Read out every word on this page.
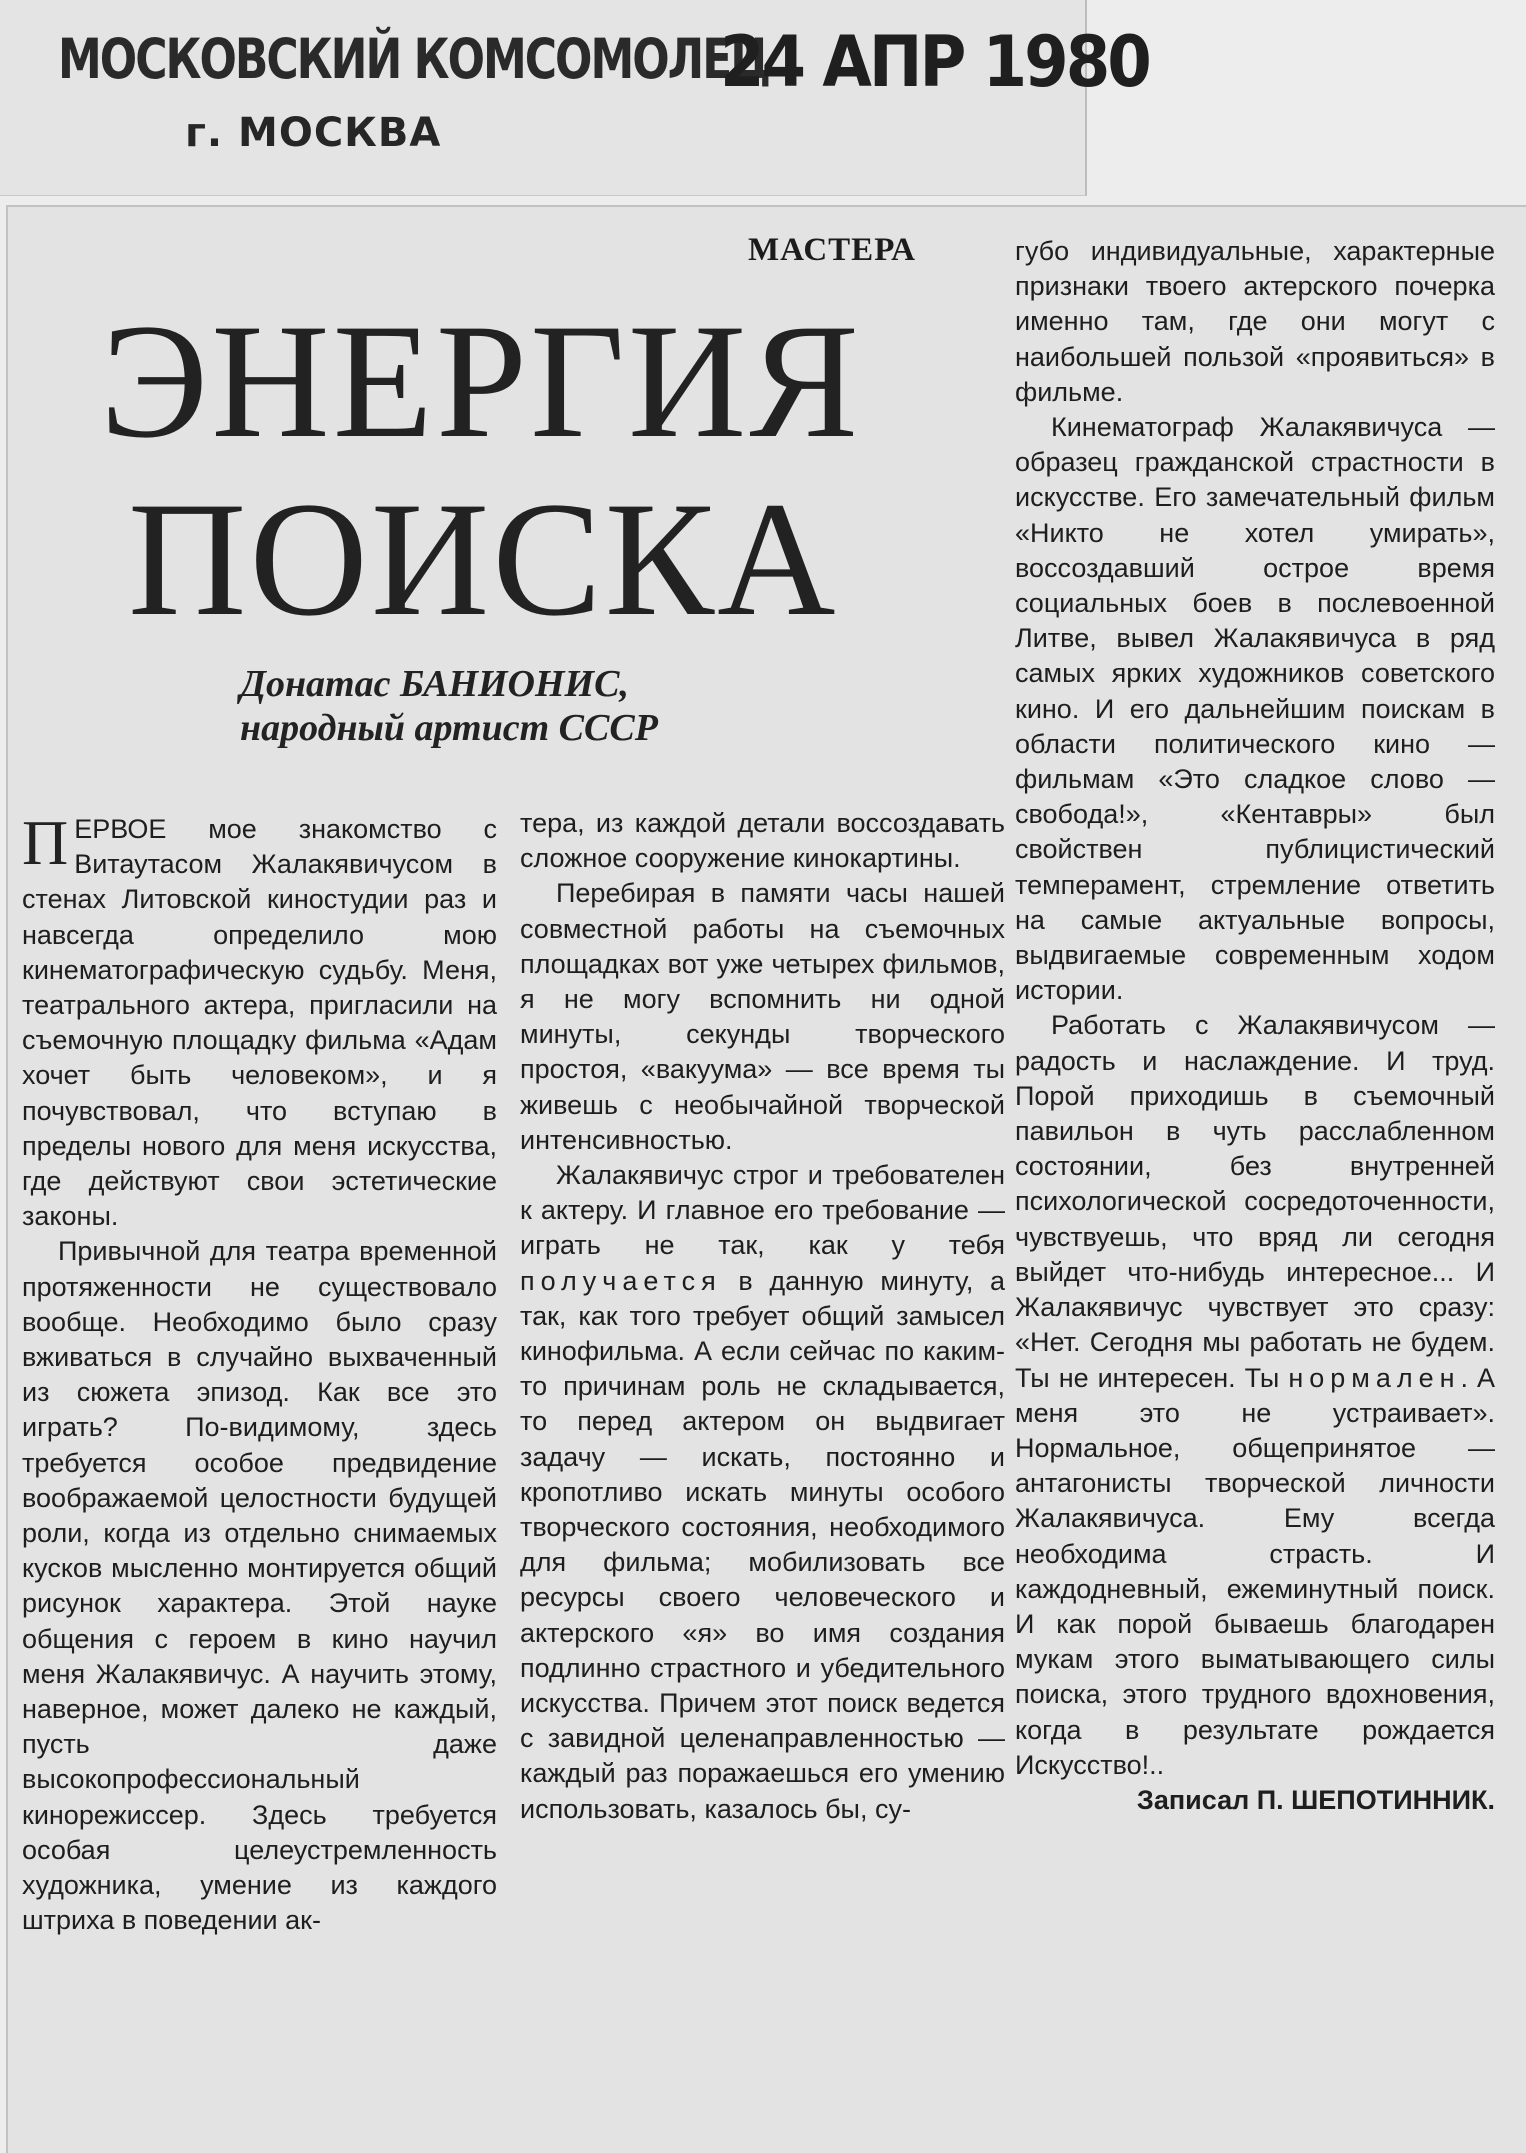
МОСКОВСКИЙ КОМСОМОЛЕЦ
г. МОСКВА
24 АПР 1980
МАСТЕРА
ЭНЕРГИЯ
ПОИСКА
Донатас БАНИОНИС,
народный артист СССР

ПЕРВОЕ мое знакомство с Витаутасом Жалакявичусом в стенах Литовской киностудии раз и навсегда определило мою кинематографическую судьбу. Меня, театрального актера, пригласили на съемочную площадку фильма «Адам хочет быть человеком», и я почувствовал, что вступаю в пределы нового для меня искусства, где действуют свои эстетические законы.

Привычной для театра временной протяженности не существовало вообще. Необходимо было сразу вживаться в случайно выхваченный из сюжета эпизод. Как все это играть? По-видимому, здесь требуется особое предвидение воображаемой целостности будущей роли, когда из отдельно снимаемых кусков мысленно монтируется общий рисунок характера. Этой науке общения с героем в кино научил меня Жалакявичус. А научить этому, наверное, может далеко не каждый, пусть даже высокопрофессиональный кинорежиссер. Здесь требуется особая целеустремленность художника, умение из каждого штриха в поведении ак-

тера, из каждой детали воссоздавать сложное сооружение кинокартины.

Перебирая в памяти часы нашей совместной работы на съемочных площадках вот уже четырех фильмов, я не могу вспомнить ни одной минуты, секунды творческого простоя, «вакуума» — все время ты живешь с необычайной творческой интенсивностью.

Жалакявичус строг и требователен к актеру. И главное его требование — играть не так, как у тебя получается в данную минуту, а так, как того требует общий замысел кинофильма. А если сейчас по каким-то причинам роль не складывается, то перед актером он выдвигает задачу — искать, постоянно и кропотливо искать минуты особого творческого состояния, необходимого для фильма; мобилизовать все ресурсы своего человеческого и актерского «я» во имя создания подлинно страстного и убедительного искусства. Причем этот поиск ведется с завидной целенаправленностью — каждый раз поражаешься его умению использовать, казалось бы, су-

губо индивидуальные, характерные признаки твоего актерского почерка именно там, где они могут с наибольшей пользой «проявиться» в фильме.

Кинематограф Жалакявичуса — образец гражданской страстности в искусстве. Его замечательный фильм «Никто не хотел умирать», воссоздавший острое время социальных боев в послевоенной Литве, вывел Жалакявичуса в ряд самых ярких художников советского кино. И его дальнейшим поискам в области политического кино — фильмам «Это сладкое слово — свобода!», «Кентавры» был свойствен публицистический темперамент, стремление ответить на самые актуальные вопросы, выдвигаемые современным ходом истории.

Работать с Жалакявичусом — радость и наслаждение. И труд. Порой приходишь в съемочный павильон в чуть расслабленном состоянии, без внутренней психологической сосредоточенности, чувствуешь, что вряд ли сегодня выйдет что-нибудь интересное... И Жалакявичус чувствует это сразу: «Нет. Сегодня мы работать не будем. Ты не интересен. Ты нормален. А меня это не устраивает». Нормальное, общепринятое — антагонисты творческой личности Жалакявичуса. Ему всегда необходима страсть. И каждодневный, ежеминутный поиск. И как порой бываешь благодарен мукам этого выматывающего силы поиска, этого трудного вдохновения, когда в результате рождается Искусство!..

Записал П. ШЕПОТИННИК.
